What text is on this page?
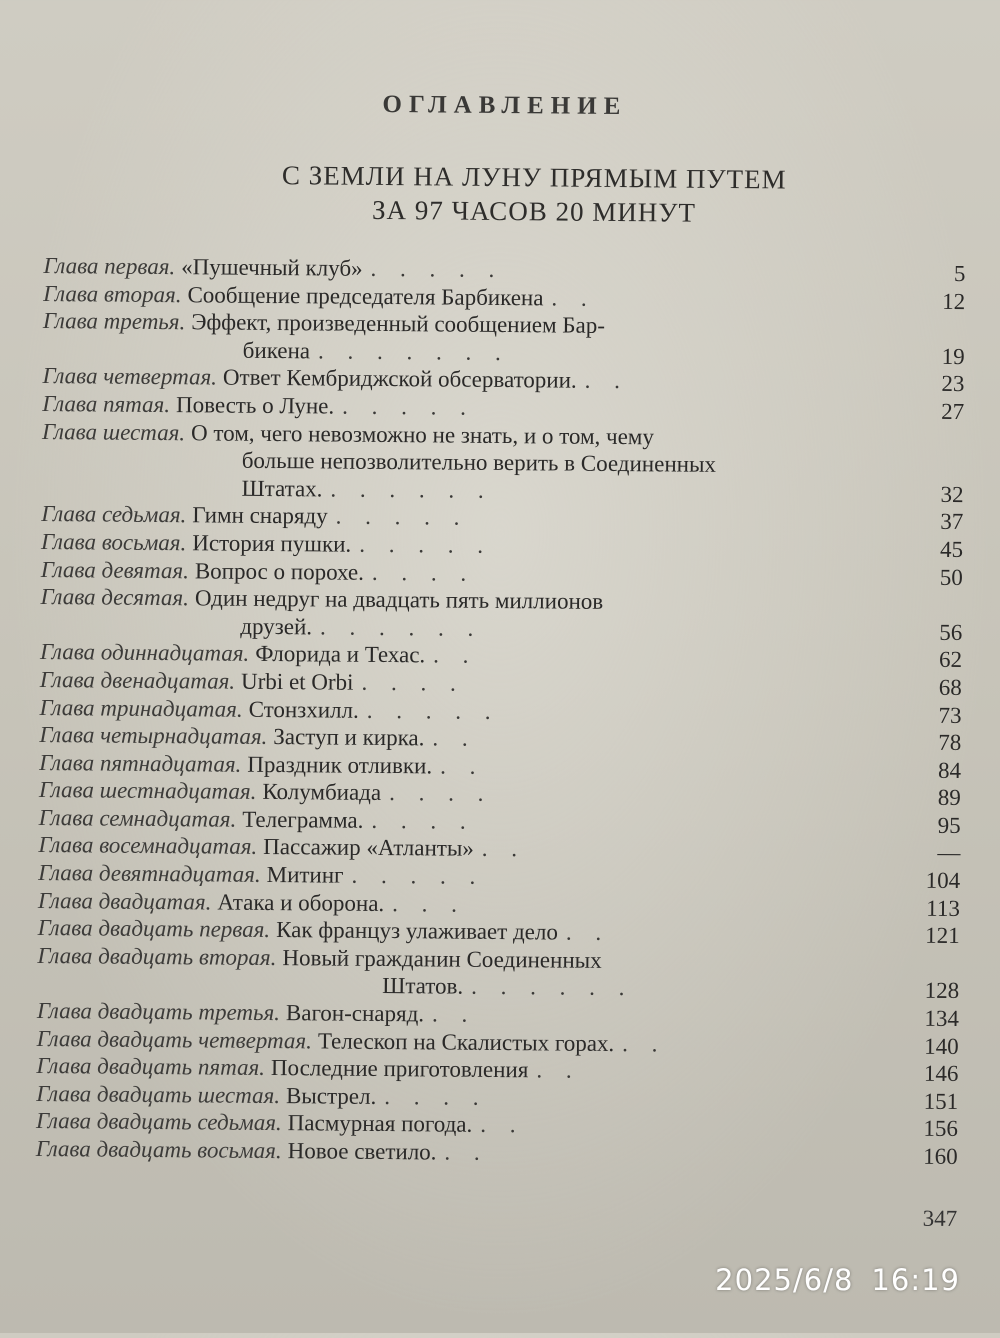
ОГЛАВЛЕНИЕ
С ЗЕМЛИ НА ЛУНУ ПРЯМЫМ ПУТЕМ
ЗА 97 ЧАСОВ 20 МИНУТ
Глава первая. «Пушечный клуб» . . . . .	5
Глава вторая. Сообщение председателя Барбикена . .	12
Глава третья. Эффект, произведенный сообщением Бар-
бикена . . . . . . .	19
Глава четвертая. Ответ Кембриджской обсерватории. . .	23
Глава пятая. Повесть о Луне. . . . . .	27
Глава шестая. О том, чего невозможно не знать, и о том, чему
больше непозволительно верить в Соединенных
Штатах. . . . . . .	32
Глава седьмая. Гимн снаряду . . . . .	37
Глава восьмая. История пушки. . . . . .	45
Глава девятая. Вопрос о порохе. . . . .	50
Глава десятая. Один недруг на двадцать пять миллионов
друзей. . . . . . .	56
Глава одиннадцатая. Флорида и Техас. . .	62
Глава двенадцатая. Urbi et Orbi . . . .	68
Глава тринадцатая. Стонзхилл. . . . . .	73
Глава четырнадцатая. Заступ и кирка. . .	78
Глава пятнадцатая. Праздник отливки. . .	84
Глава шестнадцатая. Колумбиада . . . .	89
Глава семнадцатая. Телеграмма. . . . .	95
Глава восемнадцатая. Пассажир «Атланты» . .	—
Глава девятнадцатая. Митинг . . . . .	104
Глава двадцатая. Атака и оборона. . . .	113
Глава двадцать первая. Как француз улаживает дело . .	121
Глава двадцать вторая. Новый гражданин Соединенных
Штатов. . . . . . .	128
Глава двадцать третья. Вагон-снаряд. . .	134
Глава двадцать четвертая. Телескоп на Скалистых горах. . .	140
Глава двадцать пятая. Последние приготовления . .	146
Глава двадцать шестая. Выстрел. . . . .	151
Глава двадцать седьмая. Пасмурная погода. . .	156
Глава двадцать восьмая. Новое светило. . .	160
347
2025/6/8 16:19
